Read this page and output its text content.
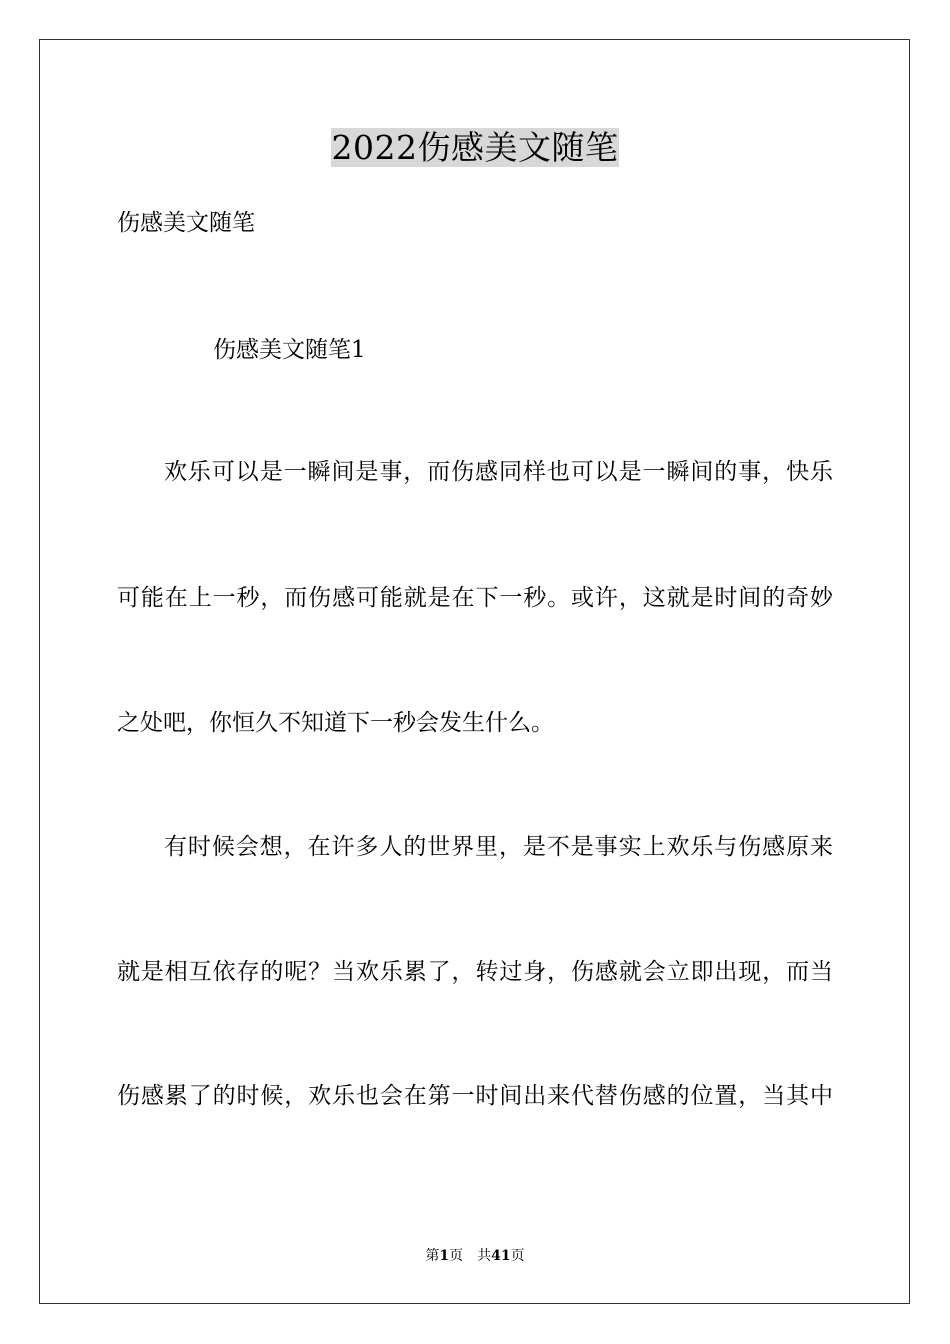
2022伤感美文随笔
伤感美文随笔
伤感美文随笔1
欢乐可以是一瞬间是事，而伤感同样也可以是一瞬间的事，快乐
可能在上一秒，而伤感可能就是在下一秒。或许，这就是时间的奇妙
之处吧，你恒久不知道下一秒会发生什么。
有时候会想，在许多人的世界里，是不是事实上欢乐与伤感原来
就是相互依存的呢？当欢乐累了，转过身，伤感就会立即出现，而当
伤感累了的时候，欢乐也会在第一时间出来代替伤感的位置，当其中
第1页 共41页
